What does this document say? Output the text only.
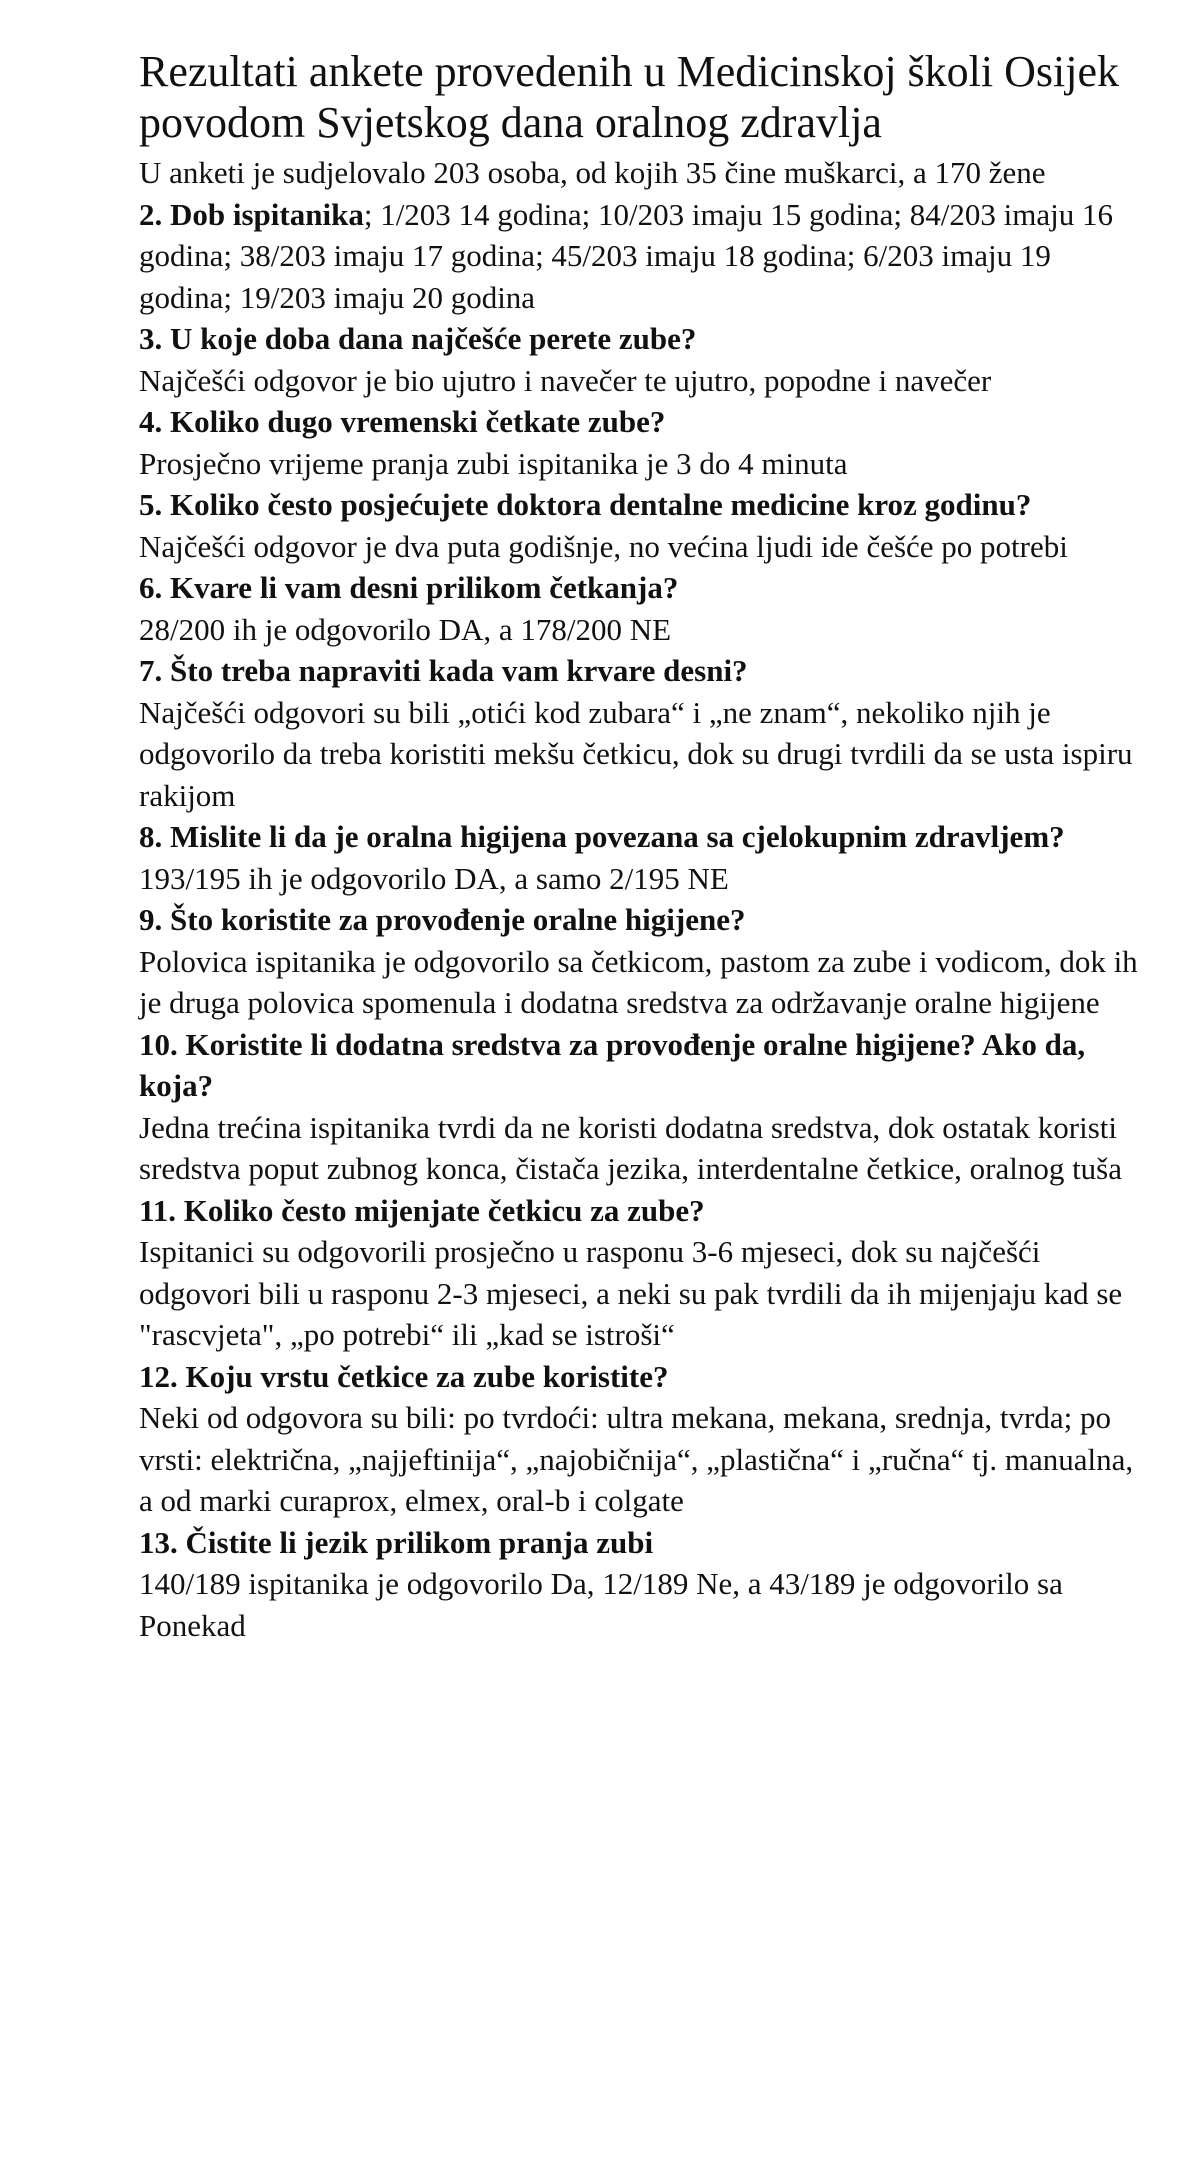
Rezultati ankete provedenih u Medicinskoj školi Osijek povodom Svjetskog dana oralnog zdravlja

U anketi je sudjelovalo 203 osoba, od kojih 35 čine muškarci, a 170 žene

2. Dob ispitanika; 1/203 14 godina; 10/203 imaju 15 godina; 84/203 imaju 16 godina; 38/203 imaju 17 godina; 45/203 imaju 18 godina; 6/203 imaju 19 godina; 19/203 imaju 20 godina

3. U koje doba dana najčešće perete zube?

Najčešći odgovor je bio ujutro i navečer te ujutro, popodne i navečer

4. Koliko dugo vremenski četkate zube?

Prosječno vrijeme pranja zubi ispitanika je 3 do 4 minuta

5. Koliko često posjećujete doktora dentalne medicine kroz godinu?

Najčešći odgovor je dva puta godišnje, no većina ljudi ide češće po potrebi

6. Kvare li vam desni prilikom četkanja?

28/200 ih je odgovorilo DA, a 178/200 NE

7. Što treba napraviti kada vam krvare desni?

Najčešći odgovori su bili „otići kod zubara“ i „ne znam“, nekoliko njih je odgovorilo da treba koristiti mekšu četkicu, dok su drugi tvrdili da se usta ispiru rakijom

8. Mislite li da je oralna higijena povezana sa cjelokupnim zdravljem?

193/195 ih je odgovorilo DA, a samo 2/195 NE

9. Što koristite za provođenje oralne higijene?

Polovica ispitanika je odgovorilo sa četkicom, pastom za zube i vodicom, dok ih je druga polovica spomenula i dodatna sredstva za održavanje oralne higijene

10. Koristite li dodatna sredstva za provođenje oralne higijene? Ako da, koja?

Jedna trećina ispitanika tvrdi da ne koristi dodatna sredstva, dok ostatak koristi sredstva poput zubnog konca, čistača jezika, interdentalne četkice, oralnog tuša

11. Koliko često mijenjate četkicu za zube?

Ispitanici su odgovorili prosječno u rasponu 3-6 mjeseci, dok su najčešći odgovori bili u rasponu 2-3 mjeseci, a neki su pak tvrdili da ih mijenjaju kad se "rascvjeta", „po potrebi“ ili „kad se istroši“

12. Koju vrstu četkice za zube koristite?

Neki od odgovora su bili: po tvrdoći: ultra mekana, mekana, srednja, tvrda; po vrsti: električna, „najjeftinija“, „najobičnija“, „plastična“ i „ručna“ tj. manualna, a od marki curaprox, elmex, oral-b i colgate

13. Čistite li jezik prilikom pranja zubi

140/189 ispitanika je odgovorilo Da, 12/189 Ne, a 43/189 je odgovorilo sa Ponekad
